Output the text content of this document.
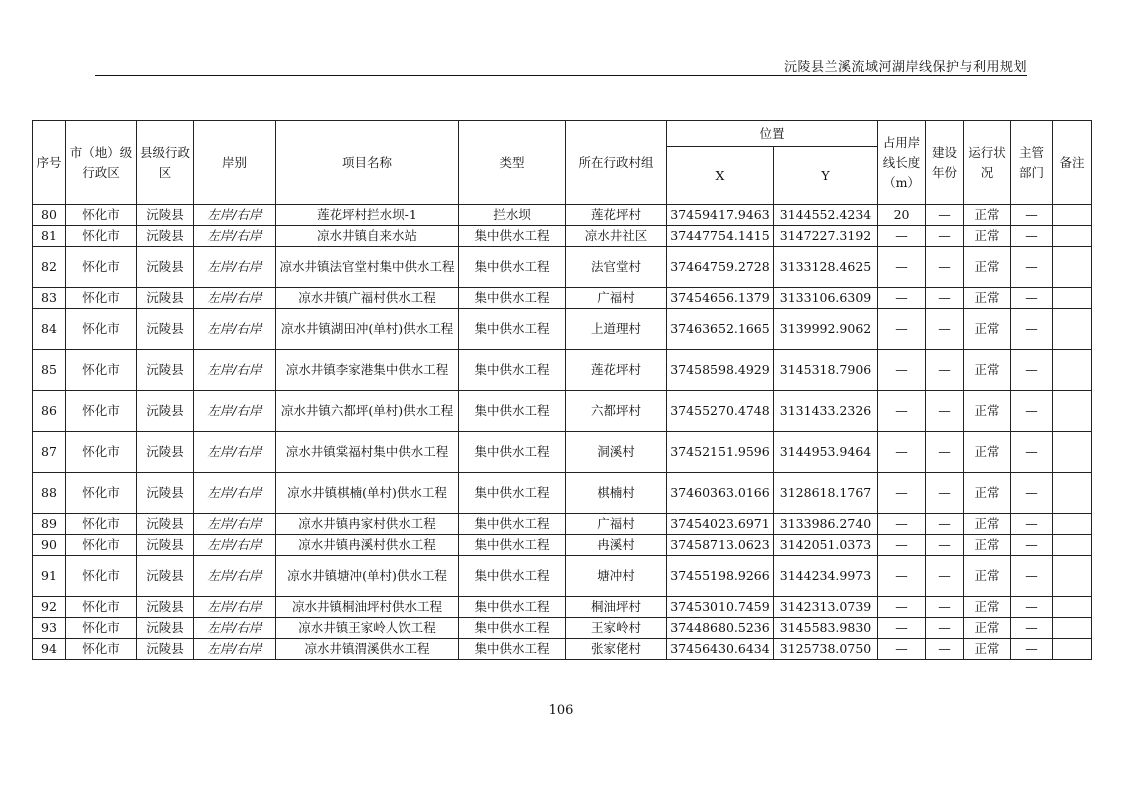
沅陵县兰溪流域河湖岸线保护与利用规划
序号	市（地）级行政区	县级行政区	岸别	项目名称	类型	所在行政村组	位置		占用岸线长度（m）	建设年份	运行状况	主管部门	备注
							X	Y					
80	怀化市	沅陵县	左岸/右岸	莲花坪村拦水坝-1	拦水坝	莲花坪村	37459417.9463	3144552.4234	20	—	正常	—	
81	怀化市	沅陵县	左岸/右岸	凉水井镇自来水站	集中供水工程	凉水井社区	37447754.1415	3147227.3192	—	—	正常	—	
82	怀化市	沅陵县	左岸/右岸	凉水井镇法官堂村集中供水工程	集中供水工程	法官堂村	37464759.2728	3133128.4625	—	—	正常	—	
83	怀化市	沅陵县	左岸/右岸	凉水井镇广福村供水工程	集中供水工程	广福村	37454656.1379	3133106.6309	—	—	正常	—	
84	怀化市	沅陵县	左岸/右岸	凉水井镇湖田冲(单村)供水工程	集中供水工程	上道理村	37463652.1665	3139992.9062	—	—	正常	—	
85	怀化市	沅陵县	左岸/右岸	凉水井镇李家港集中供水工程	集中供水工程	莲花坪村	37458598.4929	3145318.7906	—	—	正常	—	
86	怀化市	沅陵县	左岸/右岸	凉水井镇六都坪(单村)供水工程	集中供水工程	六都坪村	37455270.4748	3131433.2326	—	—	正常	—	
87	怀化市	沅陵县	左岸/右岸	凉水井镇棠福村集中供水工程	集中供水工程	洞溪村	37452151.9596	3144953.9464	—	—	正常	—	
88	怀化市	沅陵县	左岸/右岸	凉水井镇棋楠(单村)供水工程	集中供水工程	棋楠村	37460363.0166	3128618.1767	—	—	正常	—	
89	怀化市	沅陵县	左岸/右岸	凉水井镇冉家村供水工程	集中供水工程	广福村	37454023.6971	3133986.2740	—	—	正常	—	
90	怀化市	沅陵县	左岸/右岸	凉水井镇冉溪村供水工程	集中供水工程	冉溪村	37458713.0623	3142051.0373	—	—	正常	—	
91	怀化市	沅陵县	左岸/右岸	凉水井镇塘冲(单村)供水工程	集中供水工程	塘冲村	37455198.9266	3144234.9973	—	—	正常	—	
92	怀化市	沅陵县	左岸/右岸	凉水井镇桐油坪村供水工程	集中供水工程	桐油坪村	37453010.7459	3142313.0739	—	—	正常	—	
93	怀化市	沅陵县	左岸/右岸	凉水井镇王家岭人饮工程	集中供水工程	王家岭村	37448680.5236	3145583.9830	—	—	正常	—	
94	怀化市	沅陵县	左岸/右岸	凉水井镇渭溪供水工程	集中供水工程	张家佬村	37456430.6434	3125738.0750	—	—	正常	—	
106
